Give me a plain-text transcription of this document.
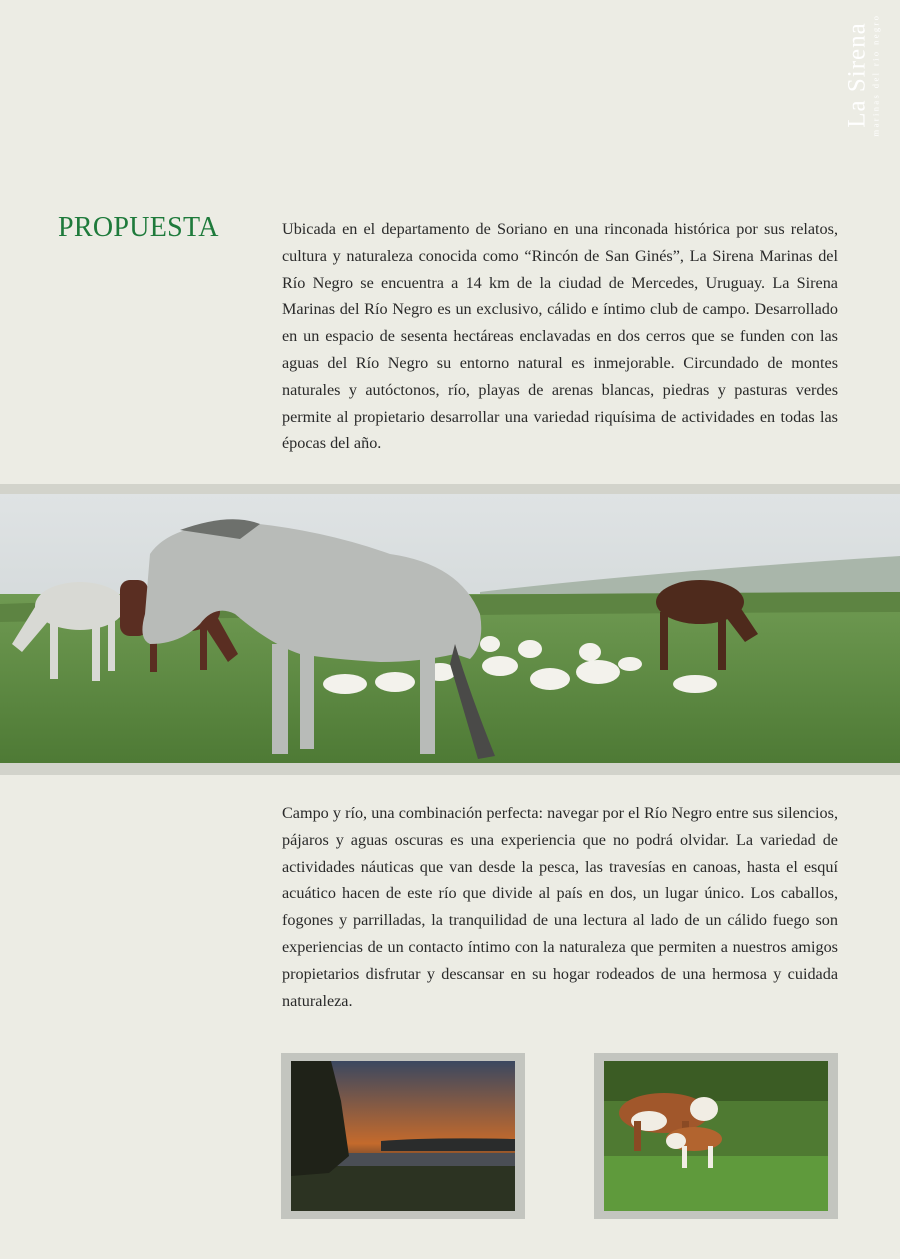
La Sirena marinas del rio negro
PROPUESTA	Ubicada en el departamento de Soriano en una rinconada histórica por sus relatos, cultura y naturaleza conocida como “Rincón de San Ginés”, La Sirena Marinas del Río Negro se encuentra a 14 km de la ciudad de Mercedes, Uruguay. La Sirena Marinas del Río Negro es un exclusivo, cálido e íntimo club de campo. Desarrollado en un espacio de sesenta hectáreas enclavadas en dos cerros que se funden con las aguas del Río Negro su entorno natural es inmejorable. Circundado de montes naturales y autóctonos, río, playas de arenas blancas, piedras y pasturas verdes permite al propietario desarrollar una variedad riquísima de actividades en todas las épocas del año.

Campo y río, una combinación perfecta: navegar por el Río Negro entre sus silencios, pájaros y aguas oscuras es una experiencia que no podrá olvidar. La variedad de actividades náuticas que van desde la pesca, las travesías en canoas, hasta el esquí acuático hacen de este río que divide al país en dos, un lugar único. Los caballos, fogones y parrilladas, la tranquilidad de una lectura al lado de un cálido fuego son experiencias de un contacto íntimo con la naturaleza que permiten a nuestros amigos propietarios disfrutar y descansar en su hogar rodeados de una hermosa y cuidada naturaleza.
